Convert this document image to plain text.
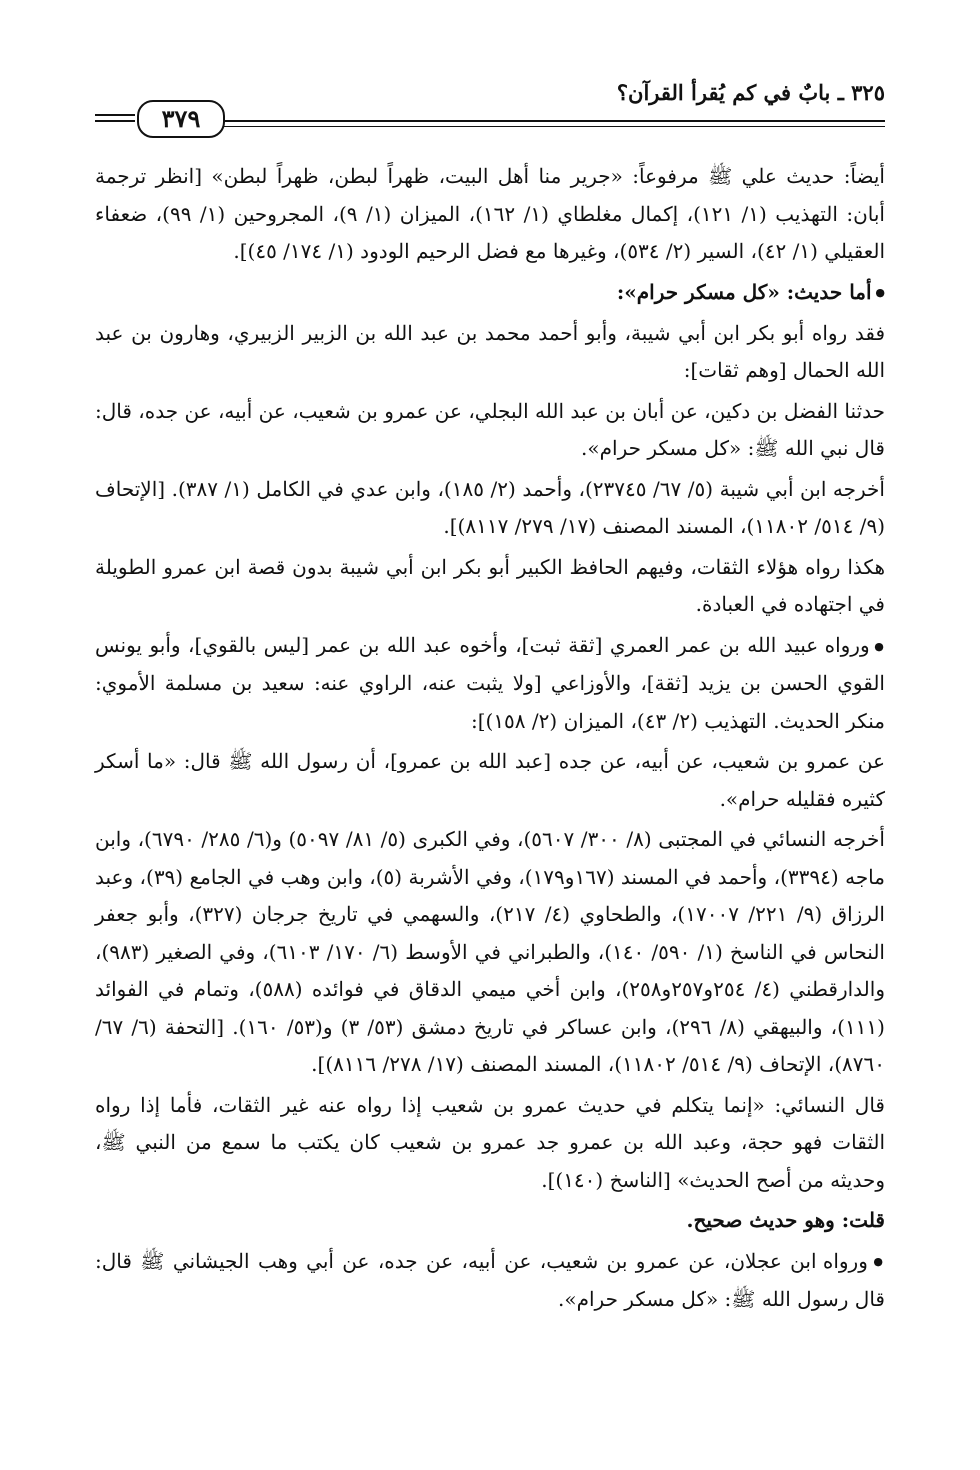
٣٢٥ ـ بابٌ في كم يُقرأ القرآن؟
٣٧٩

أيضاً: حديث علي ﷺ مرفوعاً: «جرير منا أهل البيت، ظهراً لبطن، ظهراً لبطن» [انظر ترجمة أبان: التهذيب (١/ ١٢١)، إكمال مغلطاي (١/ ١٦٢)، الميزان (١/ ٩)، المجروحين (١/ ٩٩)، ضعفاء العقيلي (١/ ٤٢)، السير (٢/ ٥٣٤)، وغيرها مع فضل الرحيم الودود (١/ ١٧٤/ ٤٥)].

● أما حديث: «كل مسكر حرام»:

فقد رواه أبو بكر ابن أبي شيبة، وأبو أحمد محمد بن عبد الله بن الزبير الزبيري، وهارون بن عبد الله الحمال [وهم ثقات]:

حدثنا الفضل بن دكين، عن أبان بن عبد الله البجلي، عن عمرو بن شعيب، عن أبيه، عن جده، قال: قال نبي الله ﷺ: «كل مسكر حرام».

أخرجه ابن أبي شيبة (٥/ ٦٧/ ٢٣٧٤٥)، وأحمد (٢/ ١٨٥)، وابن عدي في الكامل (١/ ٣٨٧). [الإتحاف (٩/ ٥١٤/ ١١٨٠٢)، المسند المصنف (١٧/ ٢٧٩/ ٨١١٧)].

هكذا رواه هؤلاء الثقات، وفيهم الحافظ الكبير أبو بكر ابن أبي شيبة بدون قصة ابن عمرو الطويلة في اجتهاده في العبادة.

● ورواه عبيد الله بن عمر العمري [ثقة ثبت]، وأخوه عبد الله بن عمر [ليس بالقوي]، وأبو يونس القوي الحسن بن يزيد [ثقة]، والأوزاعي [ولا يثبت عنه، الراوي عنه: سعيد بن مسلمة الأموي: منكر الحديث. التهذيب (٢/ ٤٣)، الميزان (٢/ ١٥٨)]:

عن عمرو بن شعيب، عن أبيه، عن جده [عبد الله بن عمرو]، أن رسول الله ﷺ قال: «ما أسكر كثيره فقليله حرام».

أخرجه النسائي في المجتبى (٨/ ٣٠٠/ ٥٦٠٧)، وفي الكبرى (٥/ ٨١/ ٥٠٩٧) و(٦/ ٢٨٥/ ٦٧٩٠)، وابن ماجه (٣٣٩٤)، وأحمد في المسند (١٦٧و١٧٩)، وفي الأشربة (٥)، وابن وهب في الجامع (٣٩)، وعبد الرزاق (٩/ ٢٢١/ ١٧٠٠٧)، والطحاوي (٤/ ٢١٧)، والسهمي في تاريخ جرجان (٣٢٧)، وأبو جعفر النحاس في الناسخ (١/ ٥٩٠/ ١٤٠)، والطبراني في الأوسط (٦/ ١٧٠/ ٦١٠٣)، وفي الصغير (٩٨٣)، والدارقطني (٤/ ٢٥٤و٢٥٧و٢٥٨)، وابن أخي ميمي الدقاق في فوائده (٥٨٨)، وتمام في الفوائد (١١١)، والبيهقي (٨/ ٢٩٦)، وابن عساكر في تاريخ دمشق (٥٣/ ٣) و(٥٣/ ١٦٠). [التحفة (٦/ ٦٧/ ٨٧٦٠)، الإتحاف (٩/ ٥١٤/ ١١٨٠٢)، المسند المصنف (١٧/ ٢٧٨/ ٨١١٦)].

قال النسائي: «إنما يتكلم في حديث عمرو بن شعيب إذا رواه عنه غير الثقات، فأما إذا رواه الثقات فهو حجة، وعبد الله بن عمرو جد عمرو بن شعيب كان يكتب ما سمع من النبي ﷺ، وحديثه من أصح الحديث» [الناسخ (١٤٠)].

قلت: وهو حديث صحيح.

● ورواه ابن عجلان، عن عمرو بن شعيب، عن أبيه، عن جده، عن أبي وهب الجيشاني ﷺ قال: قال رسول الله ﷺ: «كل مسكر حرام».
